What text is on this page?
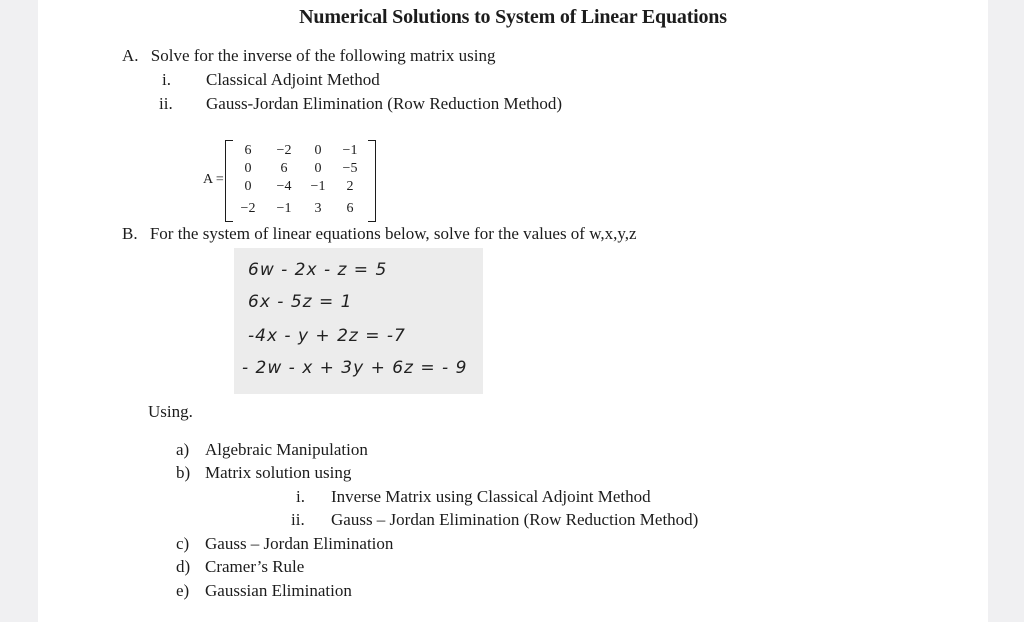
Numerical Solutions to System of Linear Equations
A. Solve for the inverse of the following matrix using
i. Classical Adjoint Method
ii. Gauss-Jordan Elimination (Row Reduction Method)
A =
6	−2	0	−1
0	6	0	−5
0	−4	−1	2
−2	−1	3	6
B. For the system of linear equations below, solve for the values of w,x,y,z
6w - 2x - z = 5
6x - 5z = 1
-4x - y + 2z = -7
- 2w - x + 3y + 6z = - 9
Using.
a) Algebraic Manipulation
b) Matrix solution using
i. Inverse Matrix using Classical Adjoint Method
ii. Gauss – Jordan Elimination (Row Reduction Method)
c) Gauss – Jordan Elimination
d) Cramer’s Rule
e) Gaussian Elimination
